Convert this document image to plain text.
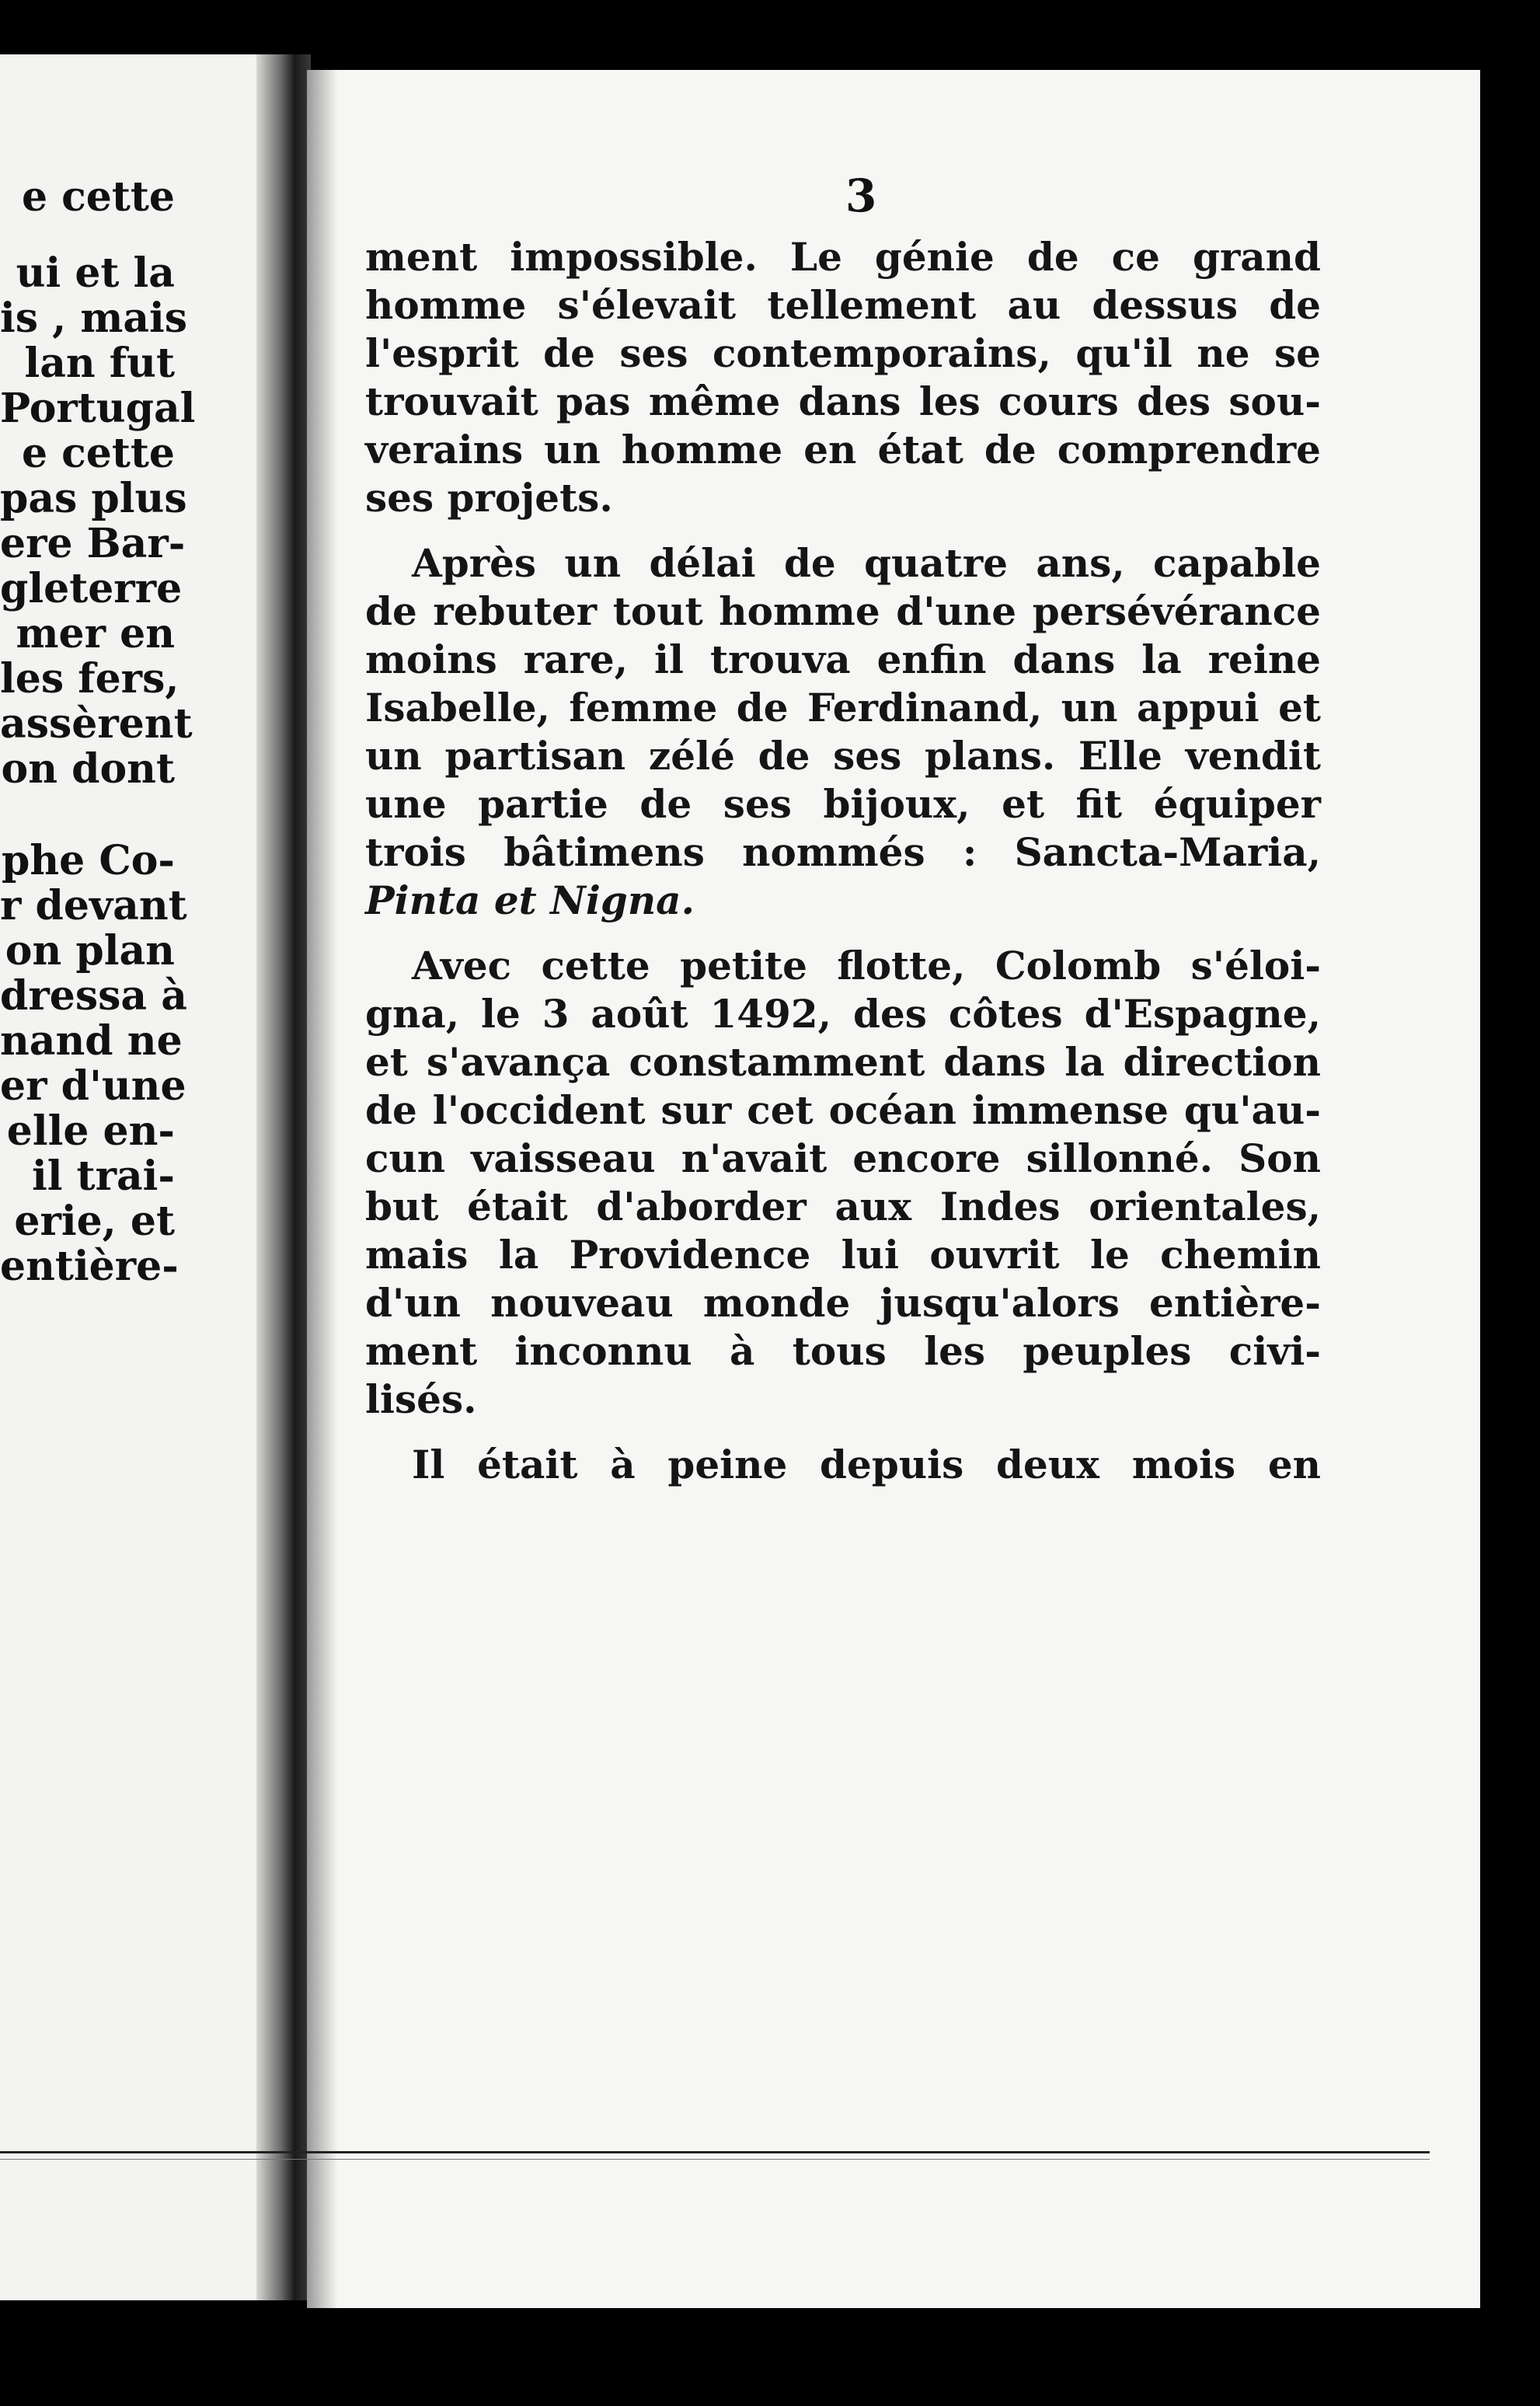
e cette
ui et la
is , mais
lan fut
Portugal
e cette
pas plus
ere Bar-
gleterre
mer en
les fers,
assèrent
on dont
phe Co-
r devant
on plan
dressa à
nand ne
er d'une
elle en-
il trai-
erie, et
entière-
3
ment impossible. Le génie de ce grand
homme s'élevait tellement au dessus de
l'esprit de ses contemporains, qu'il ne se
trouvait pas même dans les cours des sou-
verains un homme en état de comprendre
ses projets.
Après un délai de quatre ans, capable
de rebuter tout homme d'une persévérance
moins rare, il trouva enfin dans la reine
Isabelle, femme de Ferdinand, un appui et
un partisan zélé de ses plans. Elle vendit
une partie de ses bijoux, et fit équiper
trois bâtimens nommés : Sancta-Maria,
Pinta et Nigna.
Avec cette petite flotte, Colomb s'éloi-
gna, le 3 août 1492, des côtes d'Espagne,
et s'avança constamment dans la direction
de l'occident sur cet océan immense qu'au-
cun vaisseau n'avait encore sillonné. Son
but était d'aborder aux Indes orientales,
mais la Providence lui ouvrit le chemin
d'un nouveau monde jusqu'alors entière-
ment inconnu à tous les peuples civi-
lisés.
Il était à peine depuis deux mois en
